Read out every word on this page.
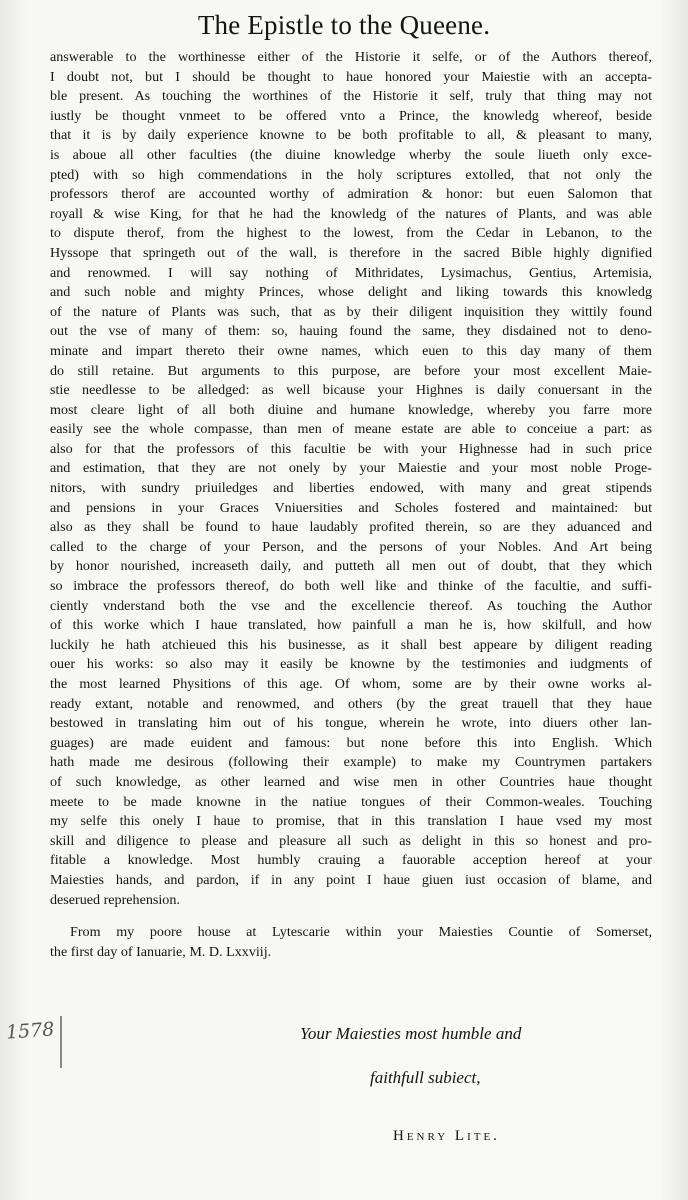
The Epistle to the Queene.
answerable to the worthinesse either of the Historie it selfe, or of the Authors thereof,
I doubt not, but I should be thought to haue honored your Maiestie with an accepta-
ble present. As touching the worthines of the Historie it self, truly that thing may not
iustly be thought vnmeet to be offered vnto a Prince, the knowledg whereof, beside
that it is by daily experience knowne to be both profitable to all, & pleasant to many,
is aboue all other faculties (the diuine knowledge wherby the soule liueth only exce-
pted) with so high commendations in the holy scriptures extolled, that not only the
professors therof are accounted worthy of admiration & honor: but euen Salomon that
royall & wise King, for that he had the knowledg of the natures of Plants, and was able
to dispute therof, from the highest to the lowest, from the Cedar in Lebanon, to the
Hyssope that springeth out of the wall, is therefore in the sacred Bible highly dignified
and renowmed. I will say nothing of Mithridates, Lysimachus, Gentius, Artemisia,
and such noble and mighty Princes, whose delight and liking towards this knowledg
of the nature of Plants was such, that as by their diligent inquisition they wittily found
out the vse of many of them: so, hauing found the same, they disdained not to deno-
minate and impart thereto their owne names, which euen to this day many of them
do still retaine. But arguments to this purpose, are before your most excellent Maie-
stie needlesse to be alledged: as well bicause your Highnes is daily conuersant in the
most cleare light of all both diuine and humane knowledge, whereby you farre more
easily see the whole compasse, than men of meane estate are able to conceiue a part: as
also for that the professors of this facultie be with your Highnesse had in such price
and estimation, that they are not onely by your Maiestie and your most noble Proge-
nitors, with sundry priuiledges and liberties endowed, with many and great stipends
and pensions in your Graces Vniuersities and Scholes fostered and maintained: but
also as they shall be found to haue laudably profited therein, so are they aduanced and
called to the charge of your Person, and the persons of your Nobles. And Art being
by honor nourished, increaseth daily, and putteth all men out of doubt, that they which
so imbrace the professors thereof, do both well like and thinke of the facultie, and suffi-
ciently vnderstand both the vse and the excellencie thereof. As touching the Author
of this worke which I haue translated, how painfull a man he is, how skilfull, and how
luckily he hath atchieued this his businesse, as it shall best appeare by diligent reading
ouer his works: so also may it easily be knowne by the testimonies and iudgments of
the most learned Physitions of this age. Of whom, some are by their owne works al-
ready extant, notable and renowmed, and others (by the great trauell that they haue
bestowed in translating him out of his tongue, wherein he wrote, into diuers other lan-
guages) are made euident and famous: but none before this into English. Which
hath made me desirous (following their example) to make my Countrymen partakers
of such knowledge, as other learned and wise men in other Countries haue thought
meete to be made knowne in the natiue tongues of their Common-weales. Touching
my selfe this onely I haue to promise, that in this translation I haue vsed my most
skill and diligence to please and pleasure all such as delight in this so honest and pro-
fitable a knowledge. Most humbly crauing a fauorable acception hereof at your
Maiesties hands, and pardon, if in any point I haue giuen iust occasion of blame, and
deserued reprehension.
From my poore house at Lytescarie within your Maiesties Countie of Somerset,
the first day of Ianuarie, M. D. Lxxviij.
1578	Your Maiesties most humble and
faithfull subiect,
Henry Lite.
